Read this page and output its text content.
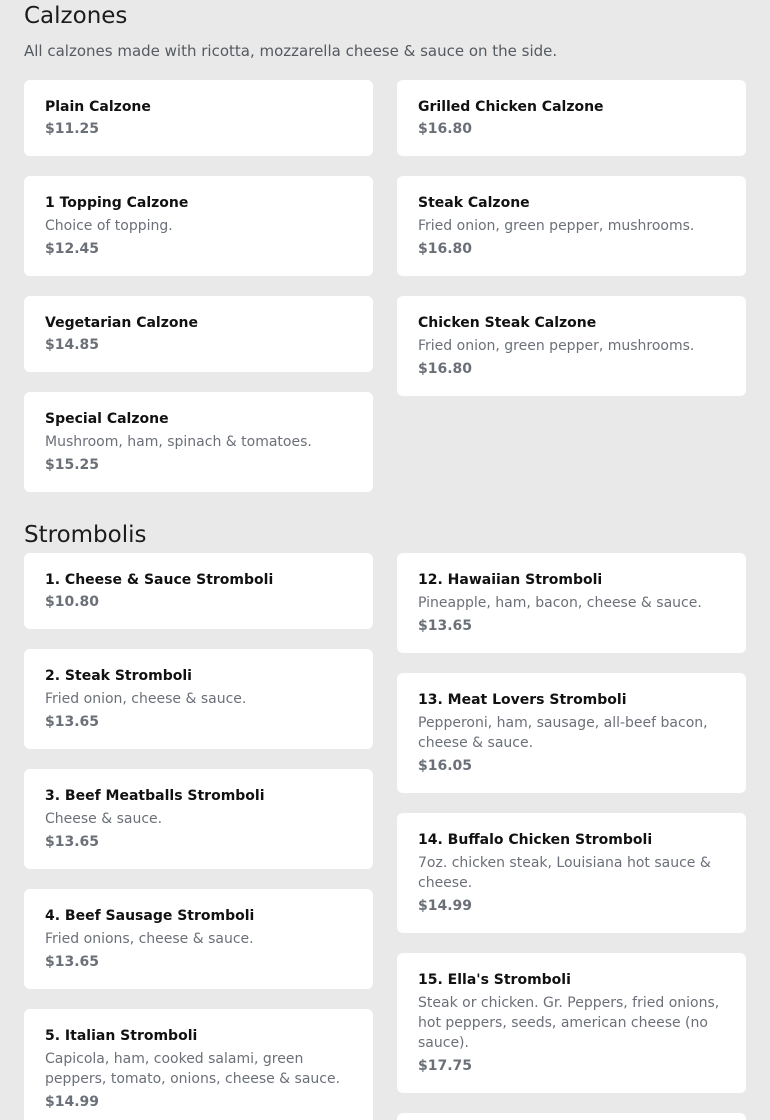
Calzones

All calzones made with ricotta, mozzarella cheese & sauce on the side.

Plain Calzone
$11.25
Grilled Chicken Calzone
$16.80
1 Topping Calzone
Choice of topping.
$12.45
Steak Calzone
Fried onion, green pepper, mushrooms.
$16.80
Vegetarian Calzone
$14.85
Chicken Steak Calzone
Fried onion, green pepper, mushrooms.
$16.80
Special Calzone
Mushroom, ham, spinach & tomatoes.
$15.25
Strombolis
1. Cheese & Sauce Stromboli
$10.80
12. Hawaiian Stromboli
Pineapple, ham, bacon, cheese & sauce.
$13.65
2. Steak Stromboli
Fried onion, cheese & sauce.
$13.65
13. Meat Lovers Stromboli
Pepperoni, ham, sausage, all-beef bacon, cheese & sauce.
$16.05
3. Beef Meatballs Stromboli
Cheese & sauce.
$13.65	14. Buffalo Chicken Stromboli
7oz. chicken steak, Louisiana hot sauce & cheese.
$14.99
4. Beef Sausage Stromboli
Fried onions, cheese & sauce.
$13.65
15. Ella's Stromboli
Steak or chicken. Gr. Peppers, fried onions, hot peppers, seeds, american cheese (no sauce).
$17.75
5. Italian Stromboli
Capicola, ham, cooked salami, green peppers, tomato, onions, cheese & sauce.
$14.99
